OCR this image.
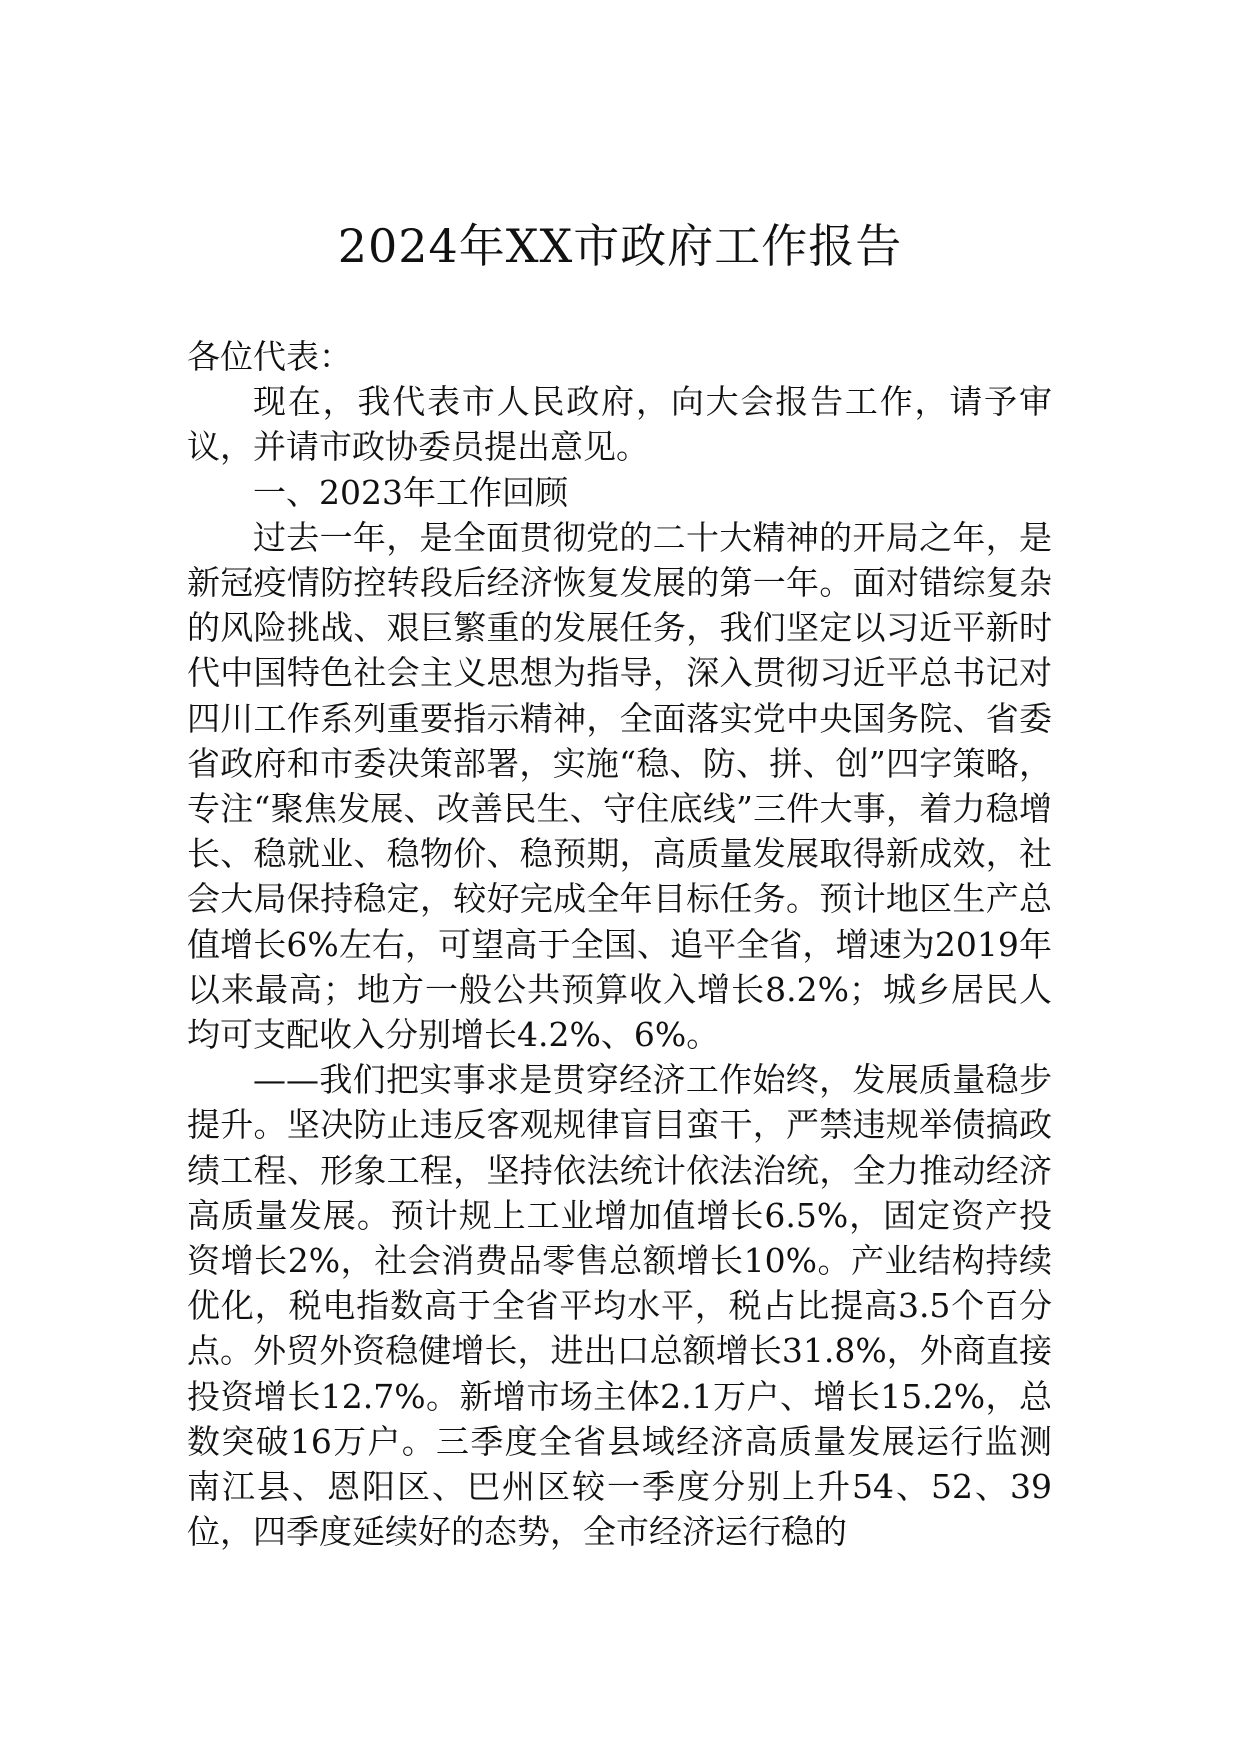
2024年XX市政府工作报告

各位代表：

现在，我代表市人民政府，向大会报告工作，请予审议，并请市政协委员提出意见。

一、2023年工作回顾

过去一年，是全面贯彻党的二十大精神的开局之年，是新冠疫情防控转段后经济恢复发展的第一年。面对错综复杂的风险挑战、艰巨繁重的发展任务，我们坚定以习近平新时代中国特色社会主义思想为指导，深入贯彻习近平总书记对四川工作系列重要指示精神，全面落实党中央国务院、省委省政府和市委决策部署，实施“稳、防、拼、创”四字策略，专注“聚焦发展、改善民生、守住底线”三件大事，着力稳增长、稳就业、稳物价、稳预期，高质量发展取得新成效，社会大局保持稳定，较好完成全年目标任务。预计地区生产总值增长6%左右，可望高于全国、追平全省，增速为2019年以来最高；地方一般公共预算收入增长8.2%；城乡居民人均可支配收入分别增长4.2%、6%。

——我们把实事求是贯穿经济工作始终，发展质量稳步提升。坚决防止违反客观规律盲目蛮干，严禁违规举债搞政绩工程、形象工程，坚持依法统计依法治统，全力推动经济高质量发展。预计规上工业增加值增长6.5%，固定资产投资增长2%，社会消费品零售总额增长10%。产业结构持续优化，税电指数高于全省平均水平，税占比提高3.5个百分点。外贸外资稳健增长，进出口总额增长31.8%，外商直接投资增长12.7%。新增市场主体2.1万户、增长15.2%，总数突破16万户。三季度全省县域经济高质量发展运行监测南江县、恩阳区、巴州区较一季度分别上升54、52、39位，四季度延续好的态势，全市经济运行稳的
